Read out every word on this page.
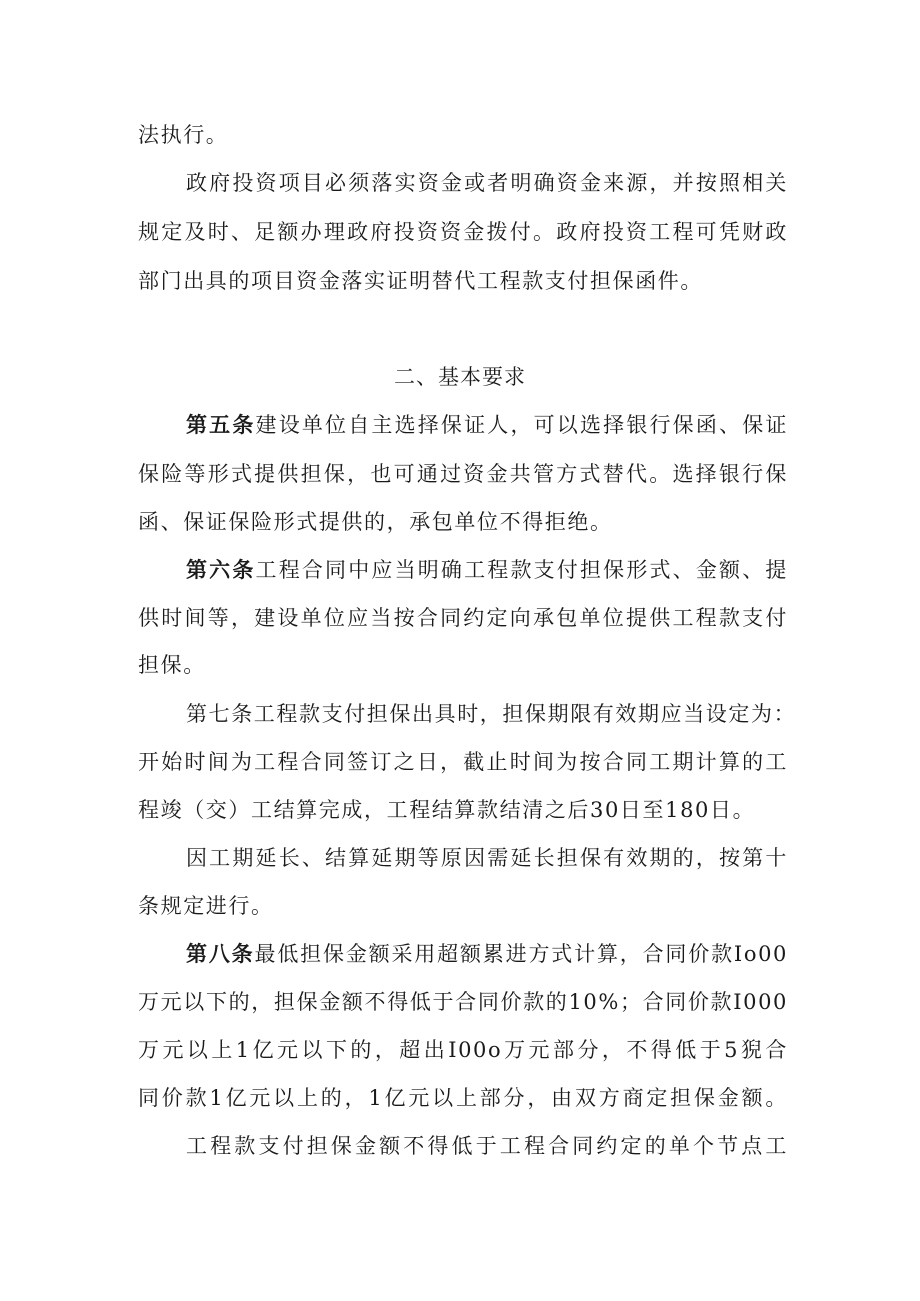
法执行。
政府投资项目必须落实资金或者明确资金来源，并按照相关
规定及时、足额办理政府投资资金拨付。政府投资工程可凭财政
部门出具的项目资金落实证明替代工程款支付担保函件。
二、基本要求
第五条建设单位自主选择保证人，可以选择银行保函、保证
保险等形式提供担保，也可通过资金共管方式替代。选择银行保
函、保证保险形式提供的，承包单位不得拒绝。
第六条工程合同中应当明确工程款支付担保形式、金额、提
供时间等，建设单位应当按合同约定向承包单位提供工程款支付
担保。
第七条工程款支付担保出具时，担保期限有效期应当设定为：
开始时间为工程合同签订之日，截止时间为按合同工期计算的工
程竣（交）工结算完成，工程结算款结清之后30日至180日。
因工期延长、结算延期等原因需延长担保有效期的，按第十
条规定进行。
第八条最低担保金额采用超额累进方式计算，合同价款Io00
万元以下的，担保金额不得低于合同价款的10%；合同价款I000
万元以上1亿元以下的，超出I00o万元部分，不得低于5猊合
同价款1亿元以上的，1亿元以上部分，由双方商定担保金额。
工程款支付担保金额不得低于工程合同约定的单个节点工
